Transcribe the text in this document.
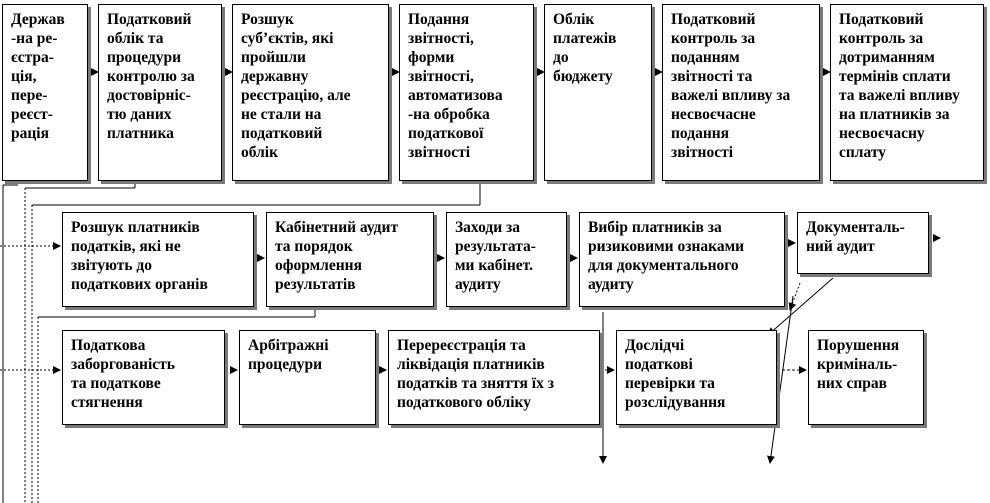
Держав
-на ре-
єстра-
ція,
пере-
реєст-
рація
Податковий
облік та
процедури
контролю за
достовірніс-
тю даних
платника
Розшук
суб’єктів, які
пройшли
державну
реєстрацію, але
не стали на
податковий
облік
Подання
звітності,
форми
звітності,
автоматизова
-на обробка
податкової
звітності
Облік
платежів
до
бюджету
Податковий
контроль за
поданням
звітності та
важелі впливу за
несвоєчасне
подання
звітності
Податковий
контроль за
дотриманням
термінів сплати
та важелі впливу
на платників за
несвоєчасну
сплату
Розшук платників
податків, які не
звітують до
податкових органів
Кабінетний аудит
та порядок
оформлення
результатів
Заходи за
результата-
ми кабінет.
аудиту
Вибір платників за
ризиковими ознаками
для документального
аудиту
Документаль-
ний аудит
Податкова
заборгованість
та податкове
стягнення
Арбітражні
процедури
Перереєстрація та
ліквідація платників
податків та зняття їх з
податкового обліку
Дослідчі
податкові
перевірки та
розслідування
Порушення
криміналь-
них справ
